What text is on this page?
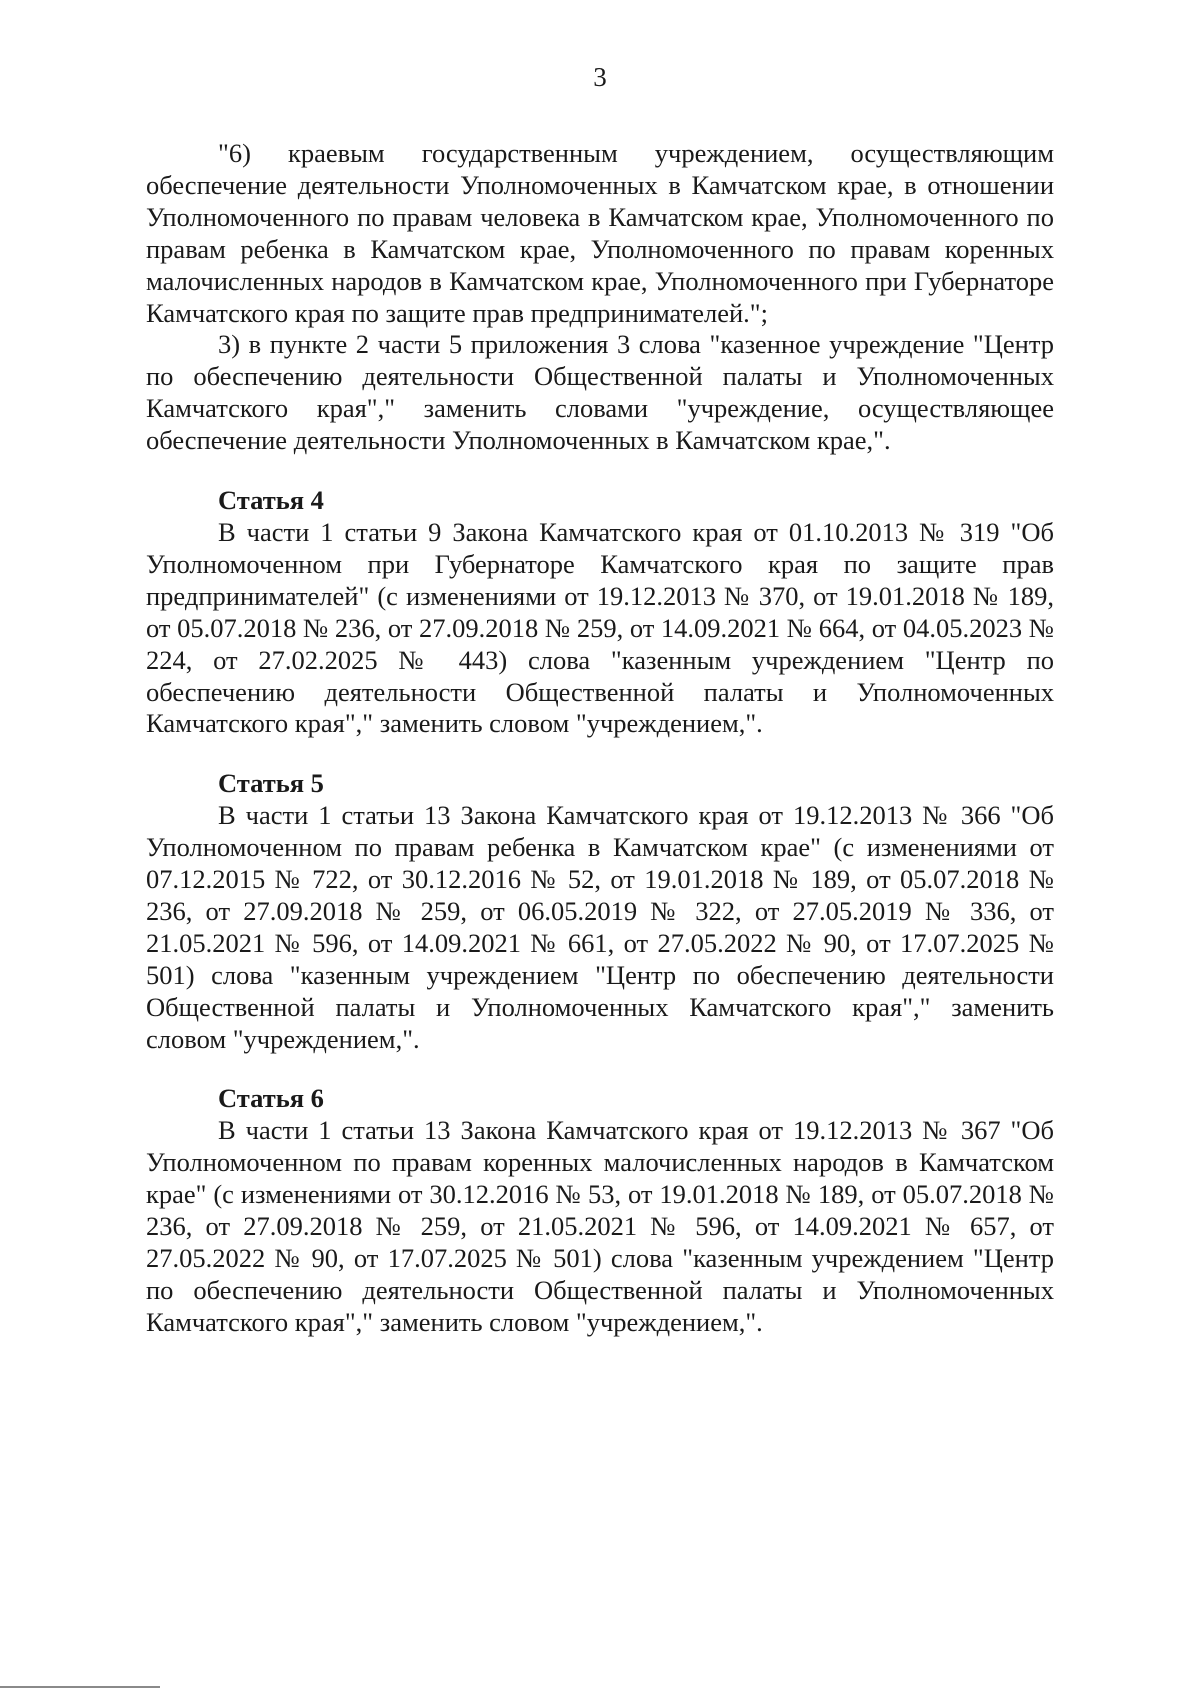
3

"6) краевым государственным учреждением, осуществляющим обеспечение деятельности Уполномоченных в Камчатском крае, в отношении Уполномоченного по правам человека в Камчатском крае, Уполномоченного по правам ребенка в Камчатском крае, Уполномоченного по правам коренных малочисленных народов в Камчатском крае, Уполномоченного при Губернаторе Камчатского края по защите прав предпринимателей.";

3) в пункте 2 части 5 приложения 3 слова "казенное учреждение "Центр по обеспечению деятельности Общественной палаты и Уполномоченных Камчатского края"," заменить словами "учреждение, осуществляющее обеспечение деятельности Уполномоченных в Камчатском крае,".

Статья 4

В части 1 статьи 9 Закона Камчатского края от 01.10.2013 № 319 "Об Уполномоченном при Губернаторе Камчатского края по защите прав предпринимателей" (с изменениями от 19.12.2013 № 370, от 19.01.2018 № 189, от 05.07.2018 № 236, от 27.09.2018 № 259, от 14.09.2021 № 664, от 04.05.2023 № 224, от 27.02.2025 № 443) слова "казенным учреждением "Центр по обеспечению деятельности Общественной палаты и Уполномоченных Камчатского края"," заменить словом "учреждением,".

Статья 5

В части 1 статьи 13 Закона Камчатского края от 19.12.2013 № 366 "Об Уполномоченном по правам ребенка в Камчатском крае" (с изменениями от 07.12.2015 № 722, от 30.12.2016 № 52, от 19.01.2018 № 189, от 05.07.2018 № 236, от 27.09.2018 № 259, от 06.05.2019 № 322, от 27.05.2019 № 336, от 21.05.2021 № 596, от 14.09.2021 № 661, от 27.05.2022 № 90, от 17.07.2025 № 501) слова "казенным учреждением "Центр по обеспечению деятельности Общественной палаты и Уполномоченных Камчатского края"," заменить словом "учреждением,".

Статья 6

В части 1 статьи 13 Закона Камчатского края от 19.12.2013 № 367 "Об Уполномоченном по правам коренных малочисленных народов в Камчатском крае" (с изменениями от 30.12.2016 № 53, от 19.01.2018 № 189, от 05.07.2018 № 236, от 27.09.2018 № 259, от 21.05.2021 № 596, от 14.09.2021 № 657, от 27.05.2022 № 90, от 17.07.2025 № 501) слова "казенным учреждением "Центр по обеспечению деятельности Общественной палаты и Уполномоченных Камчатского края"," заменить словом "учреждением,".
